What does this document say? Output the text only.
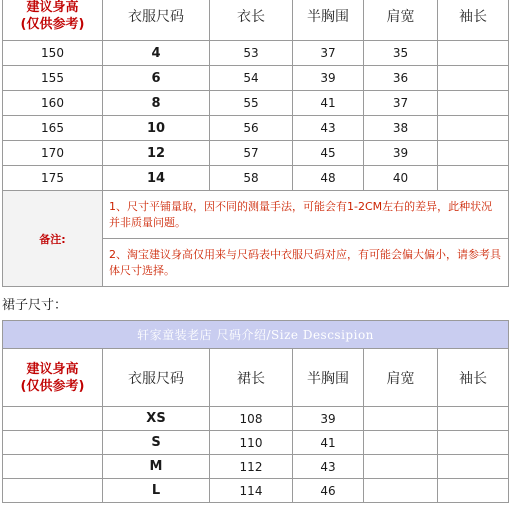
建议身高
(仅供参考)	衣服尺码	衣长	半胸围	肩宽	袖长
150	4	53	37	35	
155	6	54	39	36	
160	8	55	41	37	
165	10	56	43	38	
170	12	57	45	39	
175	14	58	48	40	
备注:	1、尺寸平铺量取，因不同的测量手法，可能会有1-2CM左右的差异，此种状况并非质量问题。				
	2、淘宝建议身高仅用来与尺码表中衣服尺码对应，有可能会偏大偏小，请参考具体尺寸选择。				
裙子尺寸：
轩家童装老店 尺码介绍/Size Descsipion					

建议身高
(仅供参考)	衣服尺码	裙长	半胸围	肩宽	袖长
	XS	108	39		
	S	110	41		
	M	112	43		
	L	114	46		
